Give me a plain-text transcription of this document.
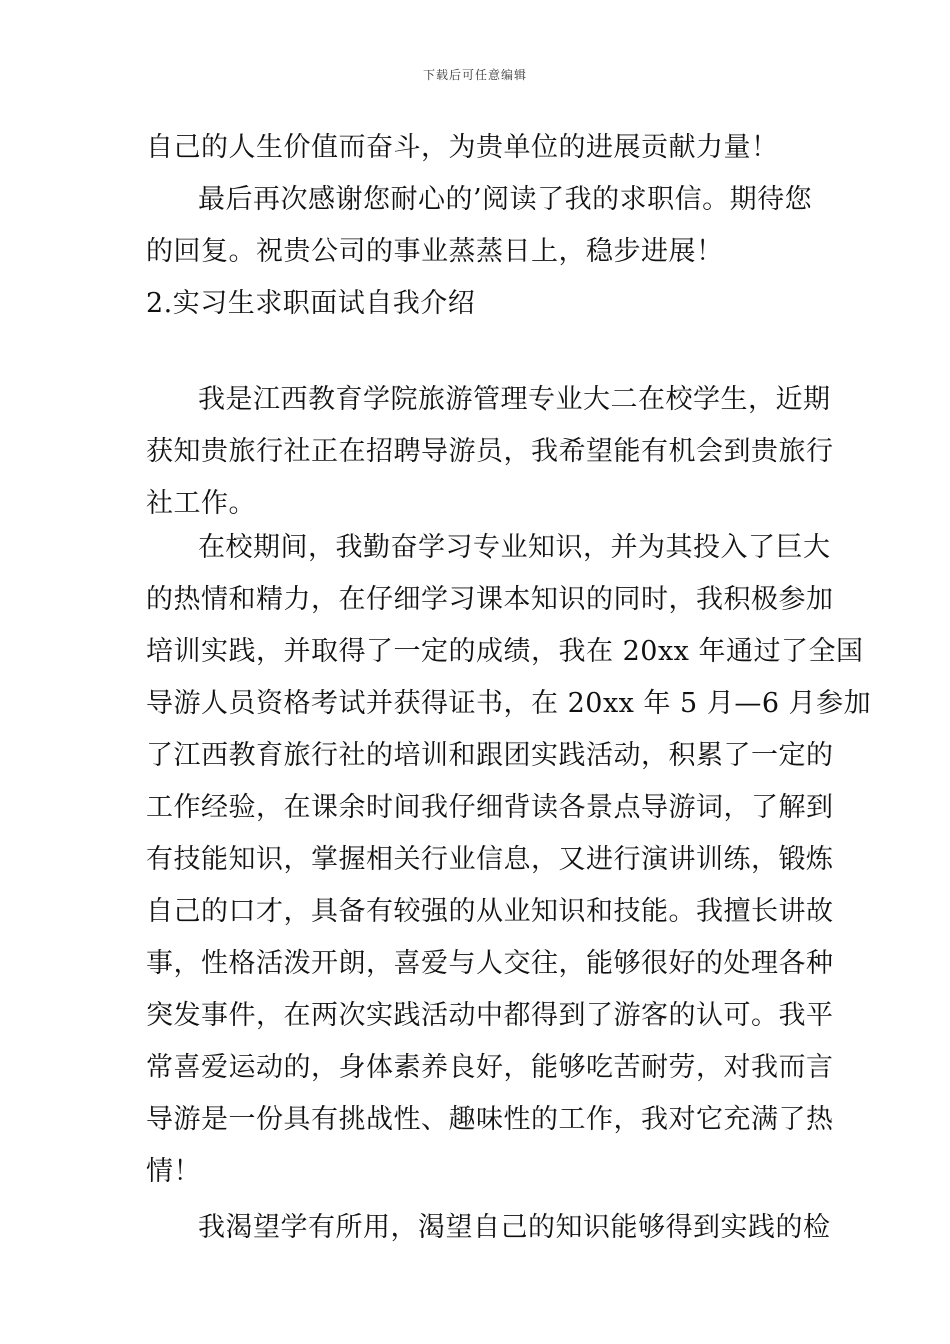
下载后可任意编辑
自己的人生价值而奋斗，为贵单位的进展贡献力量！
最后再次感谢您耐心的’阅读了我的求职信。期待您
的回复。祝贵公司的事业蒸蒸日上，稳步进展！
2.实习生求职面试自我介绍
我是江西教育学院旅游管理专业大二在校学生，近期
获知贵旅行社正在招聘导游员，我希望能有机会到贵旅行
社工作。
在校期间，我勤奋学习专业知识，并为其投入了巨大
的热情和精力，在仔细学习课本知识的同时，我积极参加
培训实践，并取得了一定的成绩，我在 20xx 年通过了全国
导游人员资格考试并获得证书，在 20xx 年 5 月—6 月参加
了江西教育旅行社的培训和跟团实践活动，积累了一定的
工作经验，在课余时间我仔细背读各景点导游词，了解到
有技能知识，掌握相关行业信息，又进行演讲训练，锻炼
自己的口才，具备有较强的从业知识和技能。我擅长讲故
事，性格活泼开朗，喜爱与人交往，能够很好的处理各种
突发事件，在两次实践活动中都得到了游客的认可。我平
常喜爱运动的，身体素养良好，能够吃苦耐劳，对我而言
导游是一份具有挑战性、趣味性的工作，我对它充满了热
情！
我渴望学有所用，渴望自己的知识能够得到实践的检
